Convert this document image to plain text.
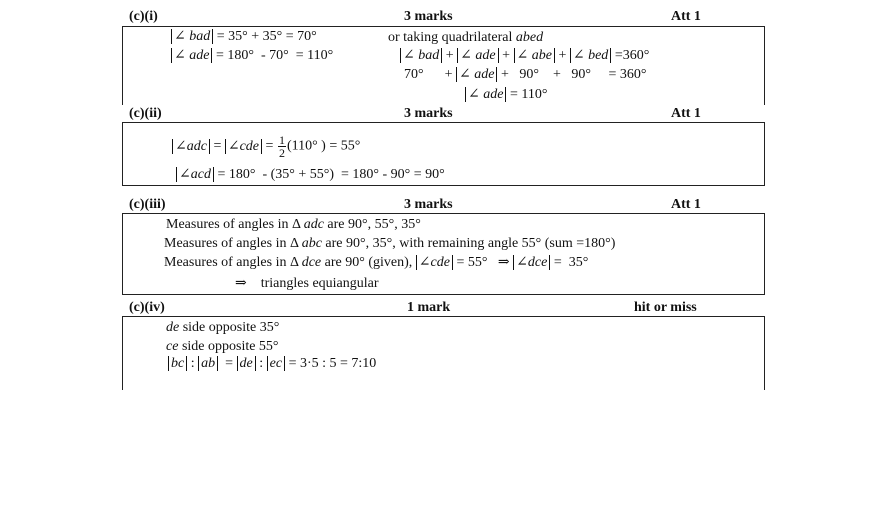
(c)(i)	3 marks	Att 1
∠ bad = 35° + 35° = 70°
∠ ade = 180°  - 70°  = 110°
or taking quadrilateral abed
∠ bad + ∠ ade + ∠ abe + ∠ bed =360°
70°      + ∠ ade +   90°    +   90°     = 360°
∠ ade = 110°
(c)(ii)	3 marks	Att 1
∠adc = ∠cde = $\frac{1}{2} (110^\circ$ ) = 55°
∠acd = 180°  - (35° + 55°)  = 180° - 90° = 90°
(c)(iii)	3 marks	Att 1
Measures of angles in Δ adc are 90°, 55°, 35°
Measures of angles in Δ abc are 90°, 35°, with remaining angle 55° (sum =180°)
Measures of angles in Δ dce are 90° (given), ∠cde = 55°   ⇒ ∠dce =  35°
⇒    triangles equiangular
(c)(iv)	1 mark	hit or miss
de side opposite 35°
ce side opposite 55°
bc : ab  = de : ec = 3·5 : 5 = 7:10
